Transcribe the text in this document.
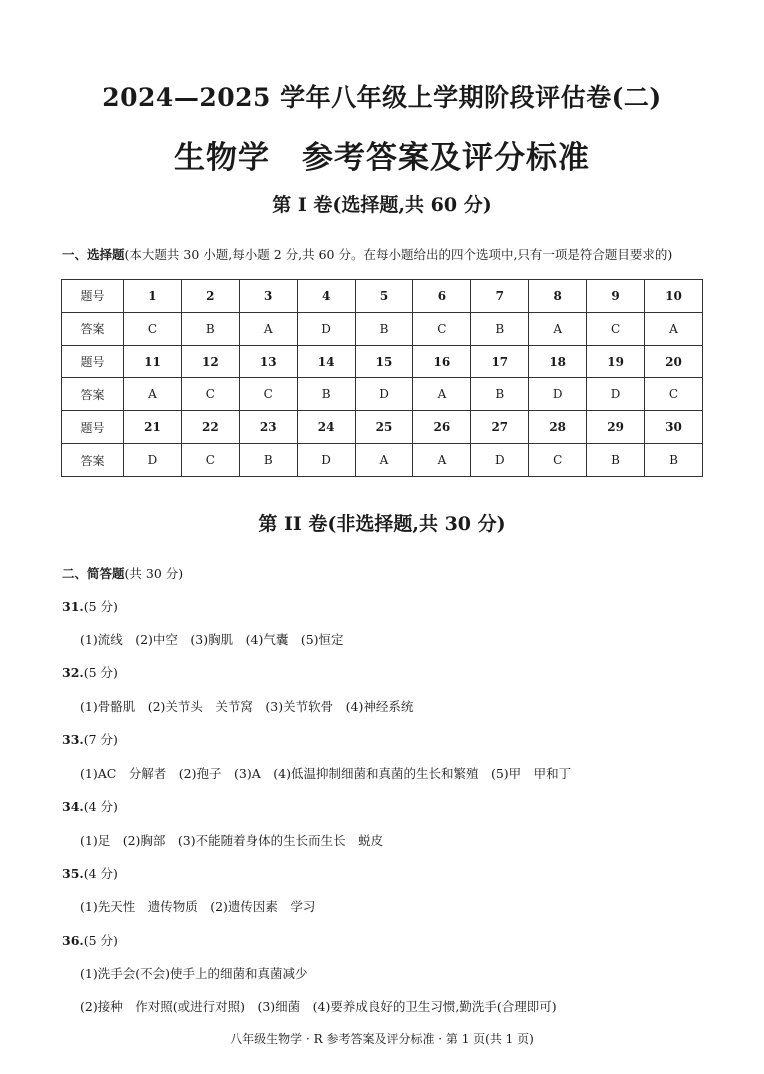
2024—2025 学年八年级上学期阶段评估卷(二)
生物学　参考答案及评分标准
第 I 卷(选择题,共 60 分)
一、选择题(本大题共 30 小题,每小题 2 分,共 60 分。在每小题给出的四个选项中,只有一项是符合题目要求的)
题号	1	2	3	4	5	6	7	8	9	10
答案	C	B	A	D	B	C	B	A	C	A
题号	11	12	13	14	15	16	17	18	19	20
答案	A	C	C	B	D	A	B	D	D	C
题号	21	22	23	24	25	26	27	28	29	30
答案	D	C	B	D	A	A	D	C	B	B
第 II 卷(非选择题,共 30 分)
二、简答题(共 30 分)
31.(5 分)
(1)流线　(2)中空　(3)胸肌　(4)气囊　(5)恒定
32.(5 分)
(1)骨骼肌　(2)关节头　关节窝　(3)关节软骨　(4)神经系统
33.(7 分)
(1)AC　分解者　(2)孢子　(3)A　(4)低温抑制细菌和真菌的生长和繁殖　(5)甲　甲和丁
34.(4 分)
(1)足　(2)胸部　(3)不能随着身体的生长而生长　蜕皮
35.(4 分)
(1)先天性　遗传物质　(2)遗传因素　学习
36.(5 分)
(1)洗手会(不会)使手上的细菌和真菌减少
(2)接种　作对照(或进行对照)　(3)细菌　(4)要养成良好的卫生习惯,勤洗手(合理即可)
八年级生物学 · R 参考答案及评分标准 · 第 1 页(共 1 页)
